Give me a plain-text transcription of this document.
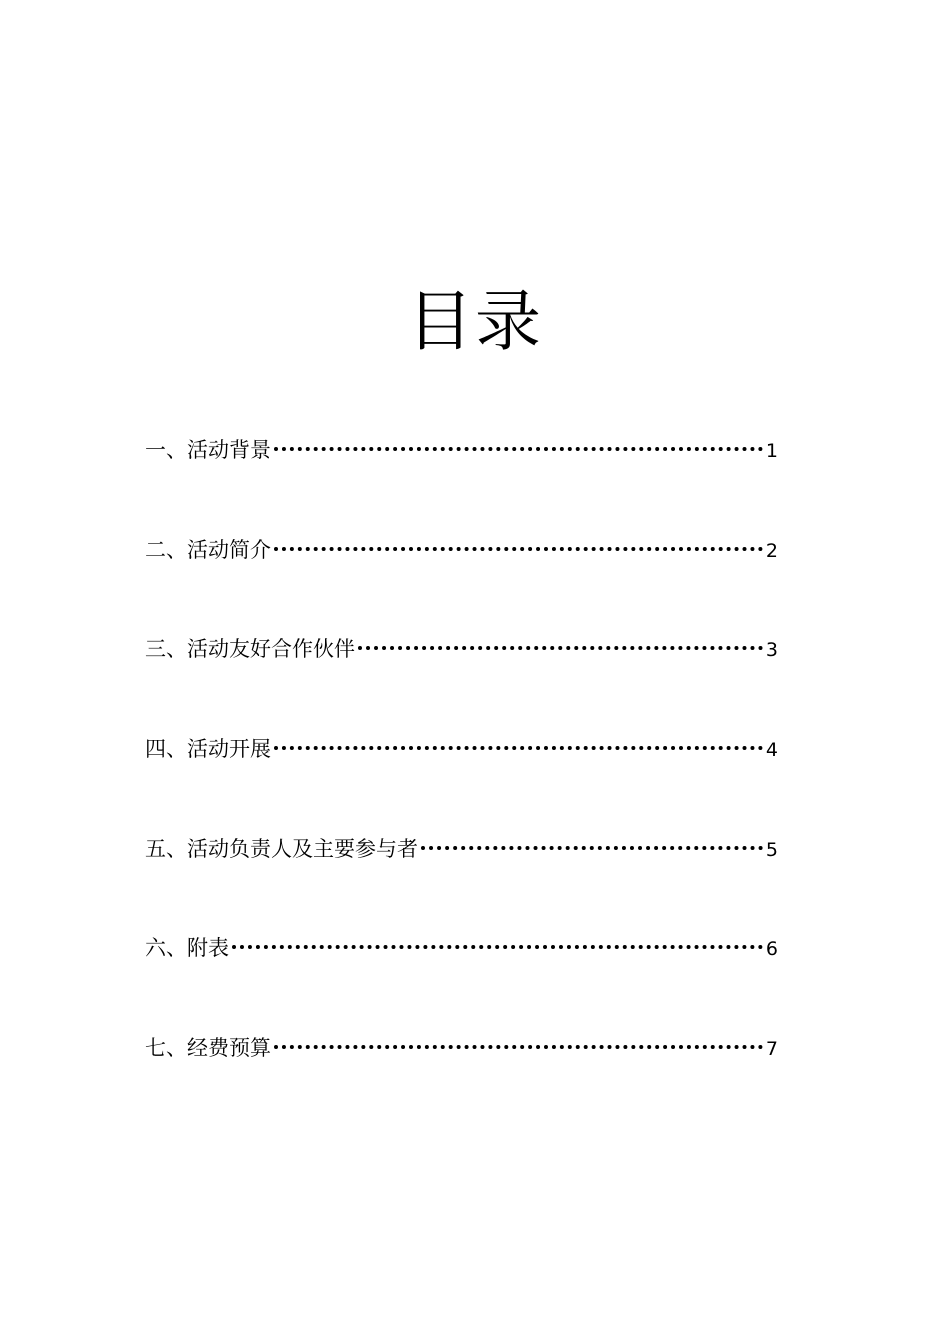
目录
一、活动背景	1
二、活动简介	2
三、活动友好合作伙伴	3
四、活动开展	4
五、活动负责人及主要参与者	5
六、附表	6
七、经费预算	7
